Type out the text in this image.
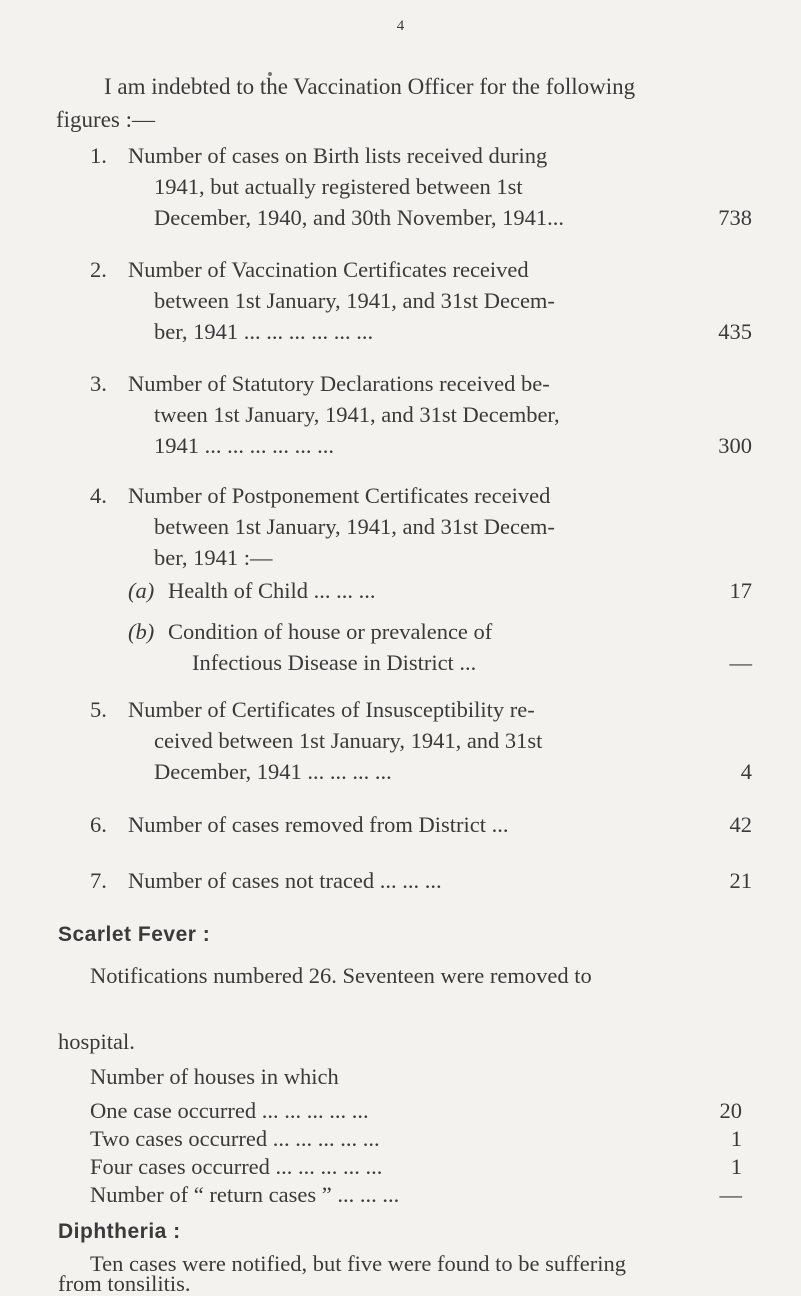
4
I am indebted to the Vaccination Officer for the following
figures :—
1. Number of cases on Birth lists received during
1941, but actually registered between 1st
December, 1940, and 30th November, 1941...	738
2. Number of Vaccination Certificates received
between 1st January, 1941, and 31st Decem-
ber, 1941 ... ... ... ... ... ...	435
3. Number of Statutory Declarations received be-
tween 1st January, 1941, and 31st December,
1941 ... ... ... ... ... ...	300
4. Number of Postponement Certificates received
between 1st January, 1941, and 31st Decem-
ber, 1941 :—
(a) Health of Child ... ... ...	17
(b) Condition of house or prevalence of
Infectious Disease in District ...	—
5. Number of Certificates of Insusceptibility re-
ceived between 1st January, 1941, and 31st
December, 1941 ... ... ... ...	4
6. Number of cases removed from District ...	42
7. Number of cases not traced ... ... ...	21
Scarlet Fever :
Notifications numbered 26. Seventeen were removed to
hospital.
Number of houses in which
One case occurred ... ... ... ... ...	20
Two cases occurred ... ... ... ... ...	1
Four cases occurred ... ... ... ... ...	1
Number of “ return cases ” ... ... ...	—
Diphtheria :
Ten cases were notified, but five were found to be suffering
from tonsilitis.
